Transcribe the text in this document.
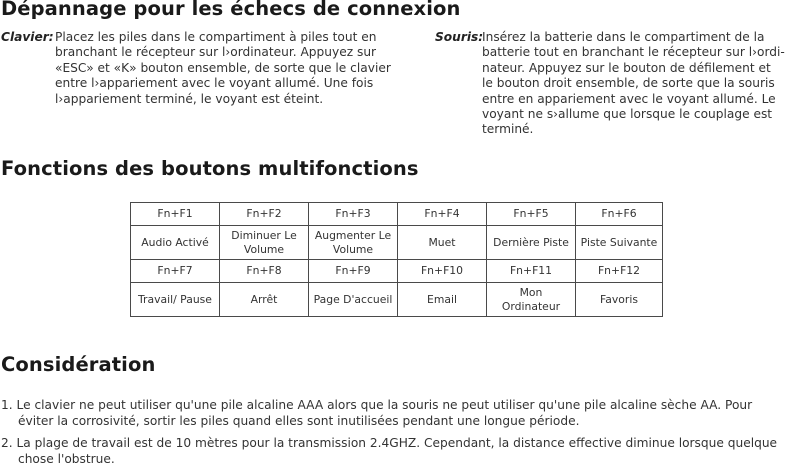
Dépannage pour les échecs de connexion
Clavier: Placez les piles dans le compartiment à piles tout en
branchant le récepteur sur l›ordinateur. Appuyez sur
«ESC» et «K» bouton ensemble, de sorte que le clavier
entre l›appariement avec le voyant allumé. Une fois
l›appariement terminé, le voyant est éteint.
Souris:
Insérez la batterie dans le compartiment de la
batterie tout en branchant le récepteur sur l›ordi-
nateur. Appuyez sur le bouton de défilement et
le bouton droit ensemble, de sorte que la souris
entre en appariement avec le voyant allumé. Le
voyant ne s›allume que lorsque le couplage est
terminé.
Fonctions des boutons multifonctions
Fn+F1	Fn+F2	Fn+F3	Fn+F4	Fn+F5	Fn+F6
Audio Activé	Diminuer Le Volume	Augmenter Le Volume	Muet	Dernière Piste	Piste Suivante
Fn+F7	Fn+F8	Fn+F9	Fn+F10	Fn+F11	Fn+F12
Travail/ Pause	Arrêt	Page D'accueil	Email	Mon Ordinateur	Favoris
Considération
1. Le clavier ne peut utiliser qu'une pile alcaline AAA alors que la souris ne peut utiliser qu'une pile alcaline sèche AA. Pour
éviter la corrosivité, sortir les piles quand elles sont inutilisées pendant une longue période.
2. La plage de travail est de 10 mètres pour la transmission 2.4GHZ. Cependant, la distance effective diminue lorsque quelque
chose l'obstrue.
